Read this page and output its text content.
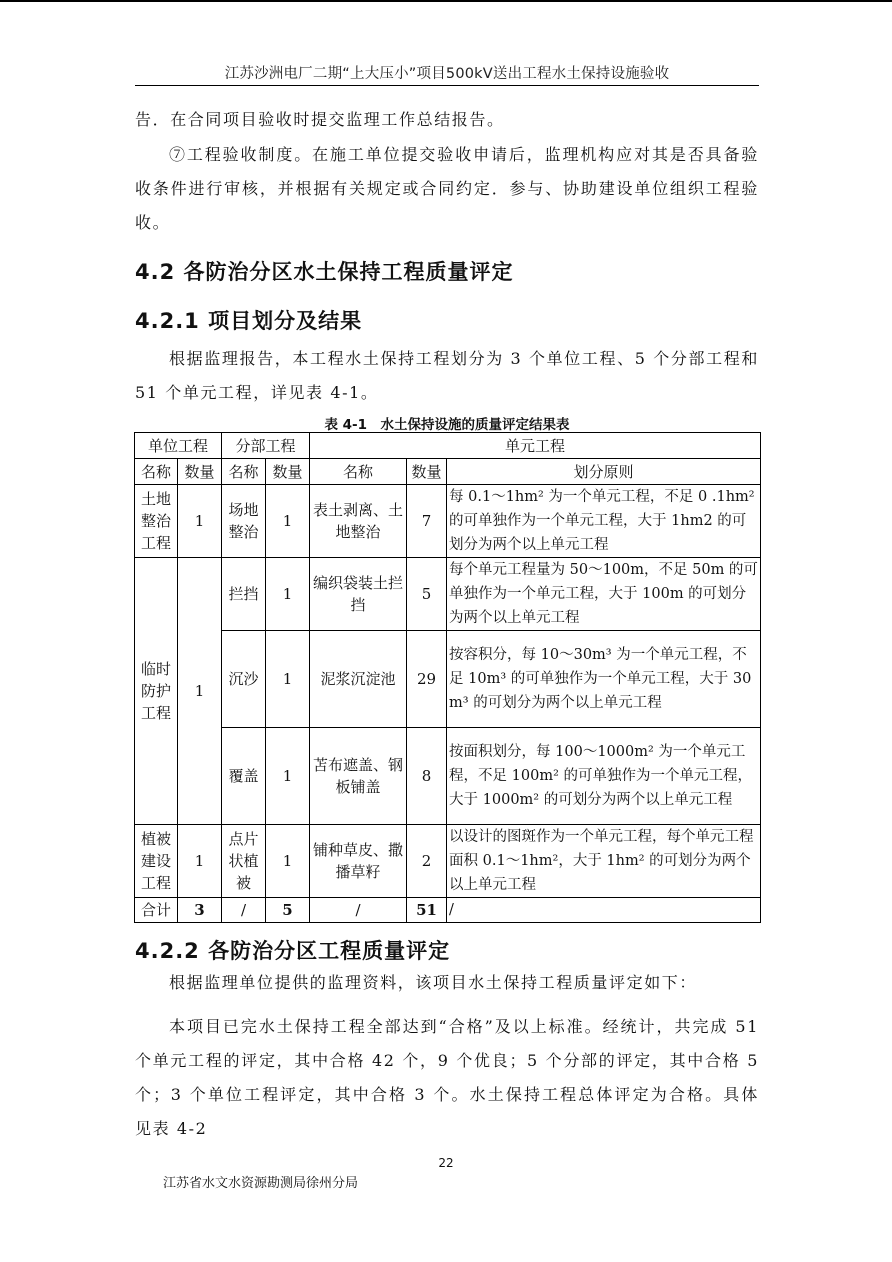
江苏沙洲电厂二期“上大压小”项目500kV送出工程水土保持设施验收
告．在合同项目验收时提交监理工作总结报告。
⑦工程验收制度。在施工单位提交验收申请后，监理机构应对其是否具备验收条件进行审核，并根据有关规定或合同约定．参与、协助建设单位组织工程验收。
4.2 各防治分区水土保持工程质量评定
4.2.1 项目划分及结果
根据监理报告，本工程水土保持工程划分为 3 个单位工程、5 个分部工程和 51 个单元工程，详见表 4-1。
表 4-1　水土保持设施的质量评定结果表
单位工程		分部工程		单元工程		
名称	数量	名称	数量	名称	数量	划分原则
土地整治工程	1	场地整治	1	表土剥离、土地整治	7	每 0.1～1hm² 为一个单元工程，不足 0 .1hm² 的可单独作为一个单元工程，大于 1hm2 的可划分为两个以上单元工程
临时防护工程	1	拦挡	1	编织袋装土拦挡	5	每个单元工程量为 50～100m，不足 50m 的可单独作为一个单元工程，大于 100m 的可划分为两个以上单元工程
		沉沙	1	泥浆沉淀池	29	按容积分，每 10～30m³ 为一个单元工程，不足 10m³ 的可单独作为一个单元工程，大于 30 m³ 的可划分为两个以上单元工程
		覆盖	1	苫布遮盖、钢板铺盖	8	按面积划分，每 100～1000m² 为一个单元工程，不足 100m² 的可单独作为一个单元工程，大于 1000m² 的可划分为两个以上单元工程
植被建设工程	1	点片状植被	1	铺种草皮、撒播草籽	2	以设计的图斑作为一个单元工程，每个单元工程面积 0.1～1hm²，大于 1hm² 的可划分为两个以上单元工程
合计	3	/	5	/	51	/
4.2.2 各防治分区工程质量评定
根据监理单位提供的监理资料，该项目水土保持工程质量评定如下：
本项目已完水土保持工程全部达到“合格”及以上标准。经统计，共完成 51 个单元工程的评定，其中合格 42 个，9 个优良；5 个分部的评定，其中合格 5 个；3 个单位工程评定，其中合格 3 个。水土保持工程总体评定为合格。具体见表 4-2
22
江苏省水文水资源勘测局徐州分局
